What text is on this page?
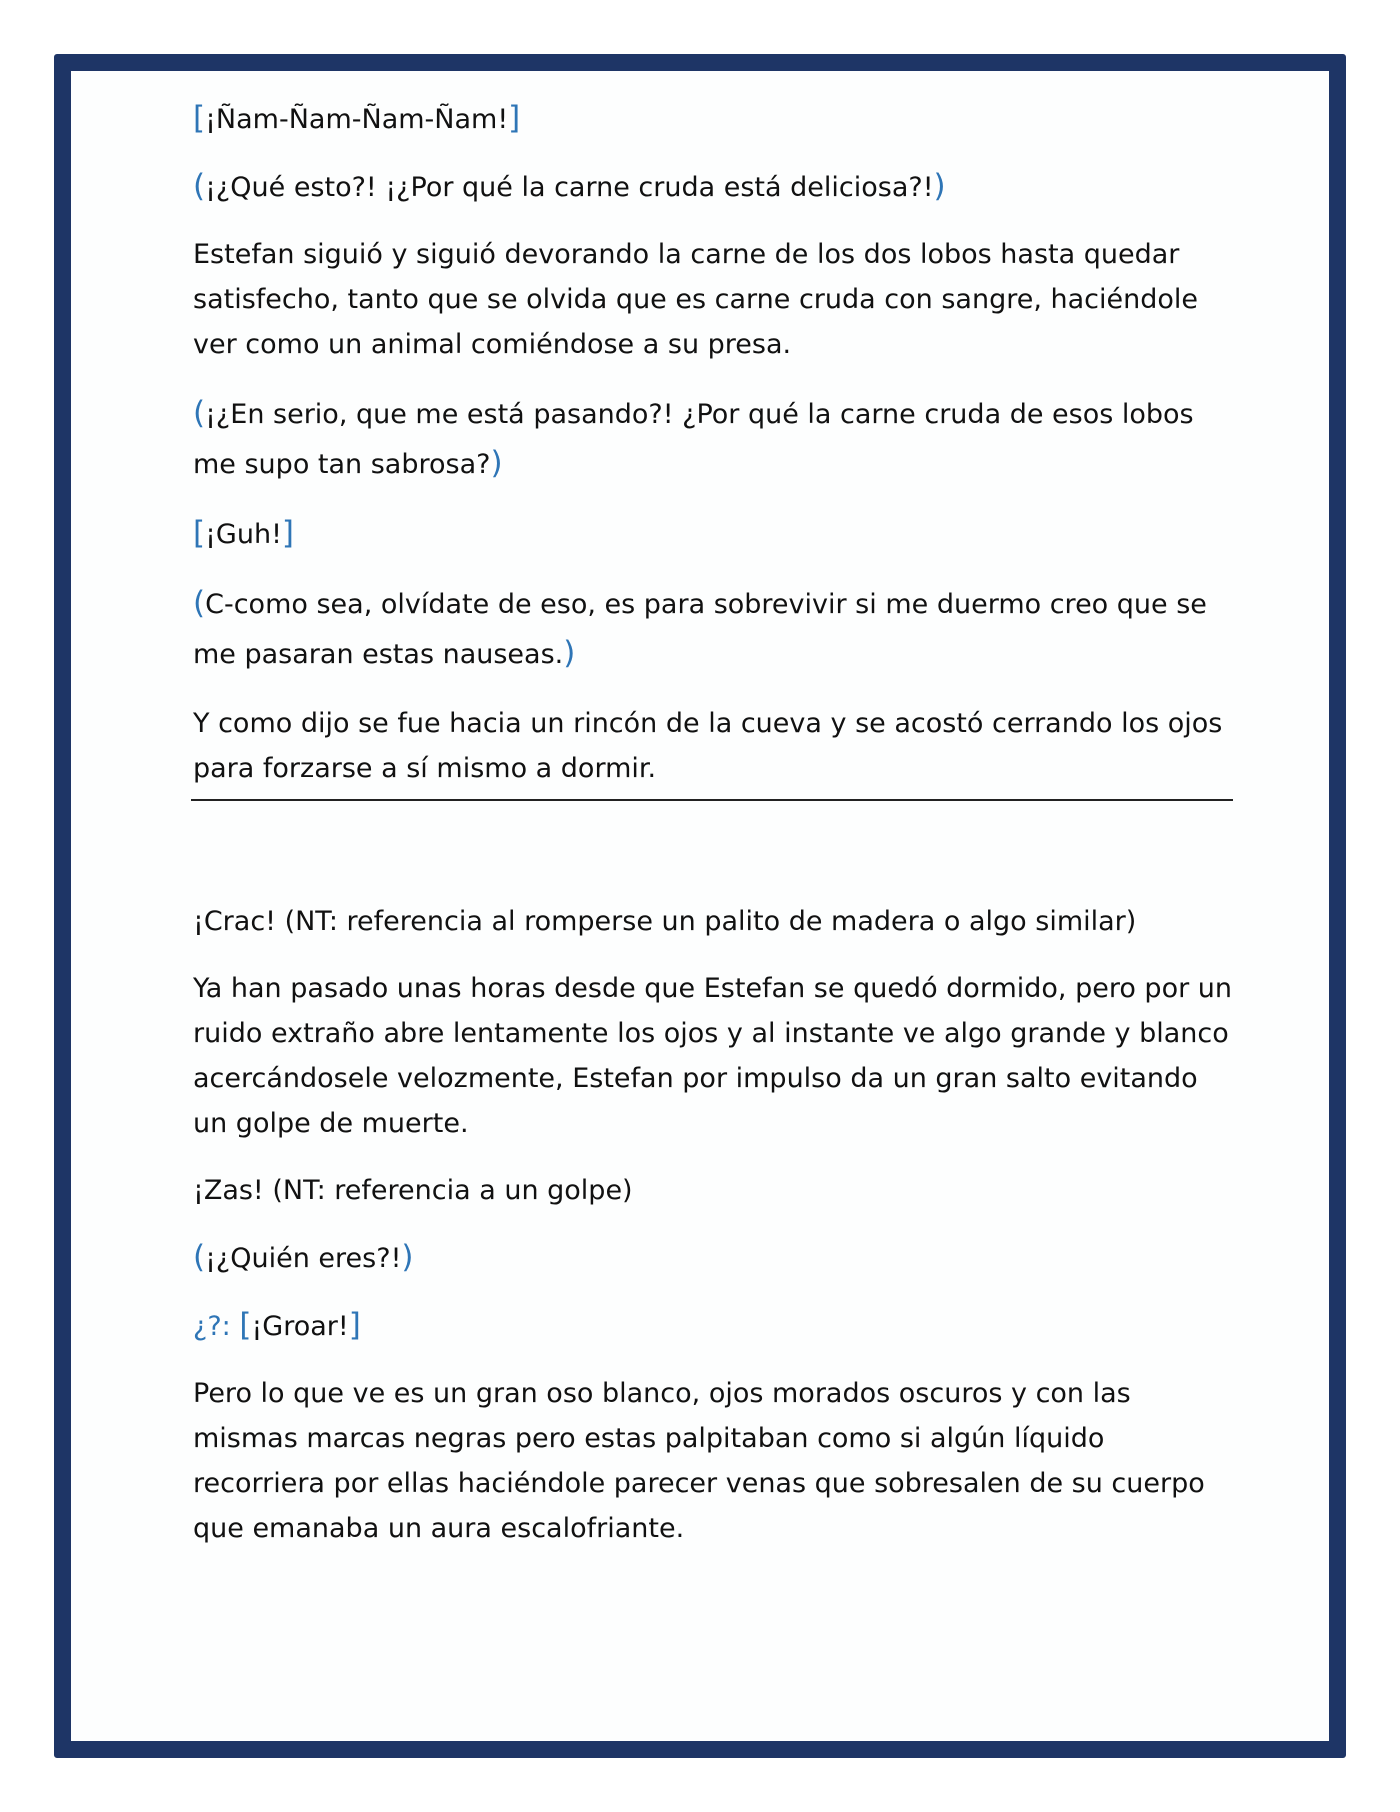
[¡Ñam-Ñam-Ñam-Ñam!]

(¡¿Qué esto?! ¡¿Por qué la carne cruda está deliciosa?!)

Estefan siguió y siguió devorando la carne de los dos lobos hasta quedar satisfecho, tanto que se olvida que es carne cruda con sangre, haciéndole ver como un animal comiéndose a su presa.

(¡¿En serio, que me está pasando?! ¿Por qué la carne cruda de esos lobos me supo tan sabrosa?)

[¡Guh!]

(C-como sea, olvídate de eso, es para sobrevivir si me duermo creo que se me pasaran estas nauseas.)

Y como dijo se fue hacia un rincón de la cueva y se acostó cerrando los ojos para forzarse a sí mismo a dormir.

¡Crac! (NT: referencia al romperse un palito de madera o algo similar)

Ya han pasado unas horas desde que Estefan se quedó dormido, pero por un ruido extraño abre lentamente los ojos y al instante ve algo grande y blanco acercándosele velozmente, Estefan por impulso da un gran salto evitando un golpe de muerte.

¡Zas! (NT: referencia a un golpe)

(¡¿Quién eres?!)

¿?: [¡Groar!]

Pero lo que ve es un gran oso blanco, ojos morados oscuros y con las mismas marcas negras pero estas palpitaban como si algún líquido recorriera por ellas haciéndole parecer venas que sobresalen de su cuerpo que emanaba un aura escalofriante.
